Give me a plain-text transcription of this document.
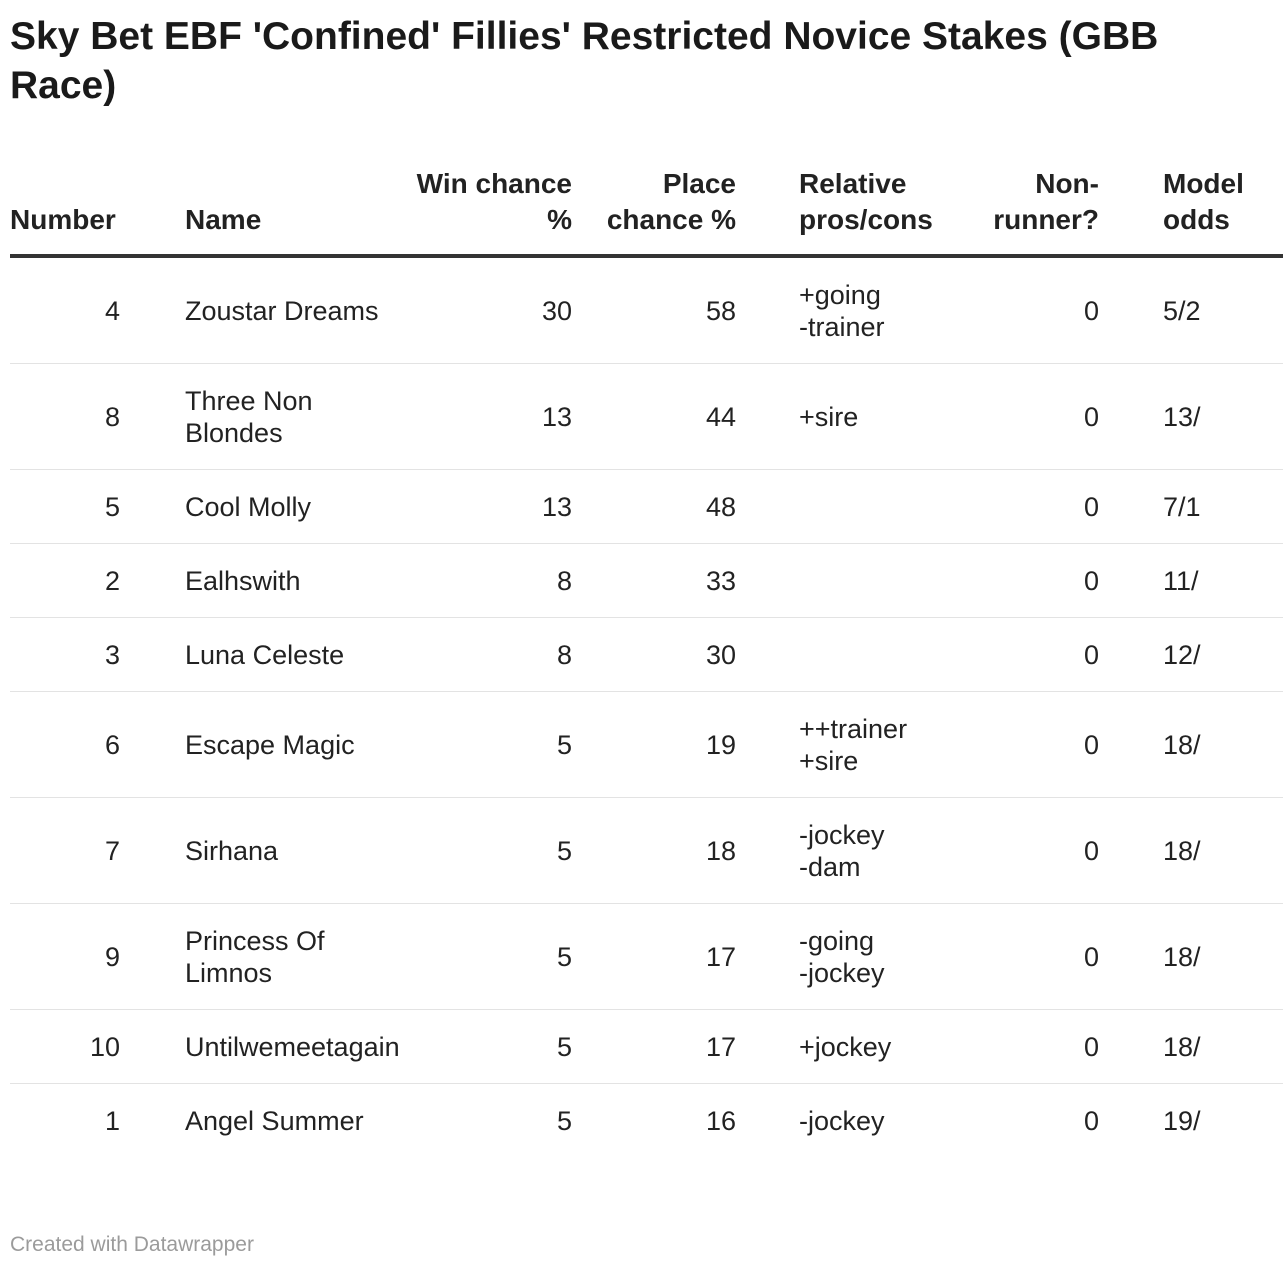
Sky Bet EBF 'Confined' Fillies' Restricted Novice Stakes (GBB Race)
Number		Name	Win chance %	Place chance %		Relative pros/cons	Non-runner?		Model odds
4		Zoustar Dreams	30	58		+going
-trainer	0		5/2
8		Three Non Blondes	13	44		+sire	0		13/
5		Cool Molly	13	48			0		7/1
2		Ealhswith	8	33			0		11/
3		Luna Celeste	8	30			0		12/
6		Escape Magic	5	19		++trainer
+sire	0		18/
7		Sirhana	5	18		-jockey
-dam	0		18/
9		Princess Of Limnos	5	17		-going
-jockey	0		18/
10		Untilwemeetagain	5	17		+jockey	0		18/
1		Angel Summer	5	16		-jockey	0		19/
Created with Datawrapper
